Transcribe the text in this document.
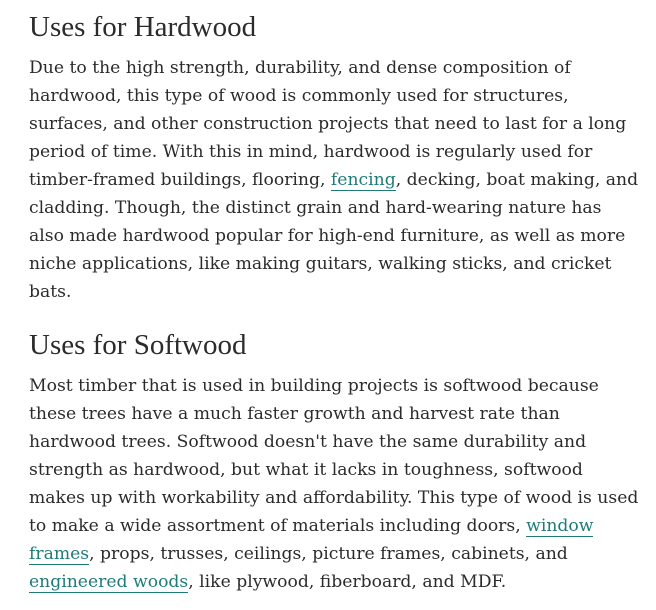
Uses for Hardwood

Due to the high strength, durability, and dense composition of hardwood, this type of wood is commonly used for structures, surfaces, and other construction projects that need to last for a long period of time. With this in mind, hardwood is regularly used for timber-framed buildings, flooring, fencing, decking, boat making, and cladding. Though, the distinct grain and hard-wearing nature has also made hardwood popular for high-end furniture, as well as more niche applications, like making guitars, walking sticks, and cricket bats.

Uses for Softwood

Most timber that is used in building projects is softwood because these trees have a much faster growth and harvest rate than hardwood trees. Softwood doesn't have the same durability and strength as hardwood, but what it lacks in toughness, softwood makes up with workability and affordability. This type of wood is used to make a wide assortment of materials including doors, window frames, props, trusses, ceilings, picture frames, cabinets, and engineered woods, like plywood, fiberboard, and MDF.
